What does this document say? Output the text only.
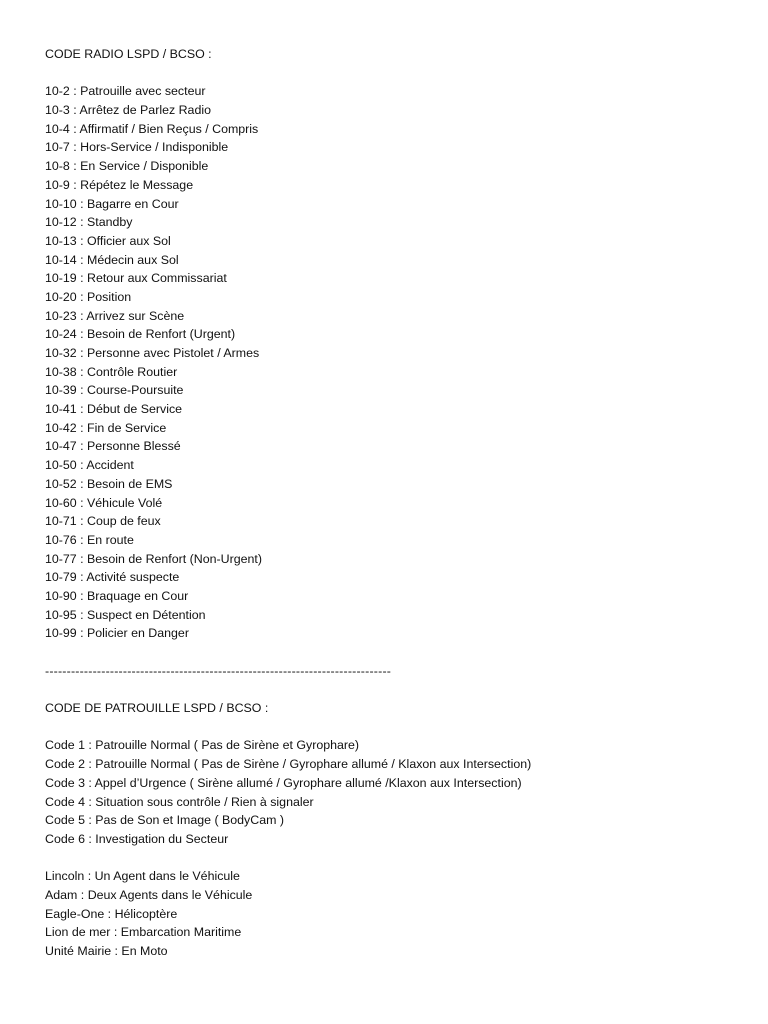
CODE RADIO LSPD / BCSO :
10-2 : Patrouille avec secteur
10-3 : Arrêtez de Parlez Radio
10-4 : Affirmatif / Bien Reçus / Compris
10-7 : Hors-Service / Indisponible
10-8 : En Service / Disponible
10-9 : Répétez le Message
10-10 : Bagarre en Cour
10-12 : Standby
10-13 : Officier aux Sol
10-14 : Médecin aux Sol
10-19 : Retour aux Commissariat
10-20 : Position
10-23 : Arrivez sur Scène
10-24 : Besoin de Renfort (Urgent)
10-32 : Personne avec Pistolet / Armes
10-38 : Contrôle Routier
10-39 : Course-Poursuite
10-41 : Début de Service
10-42 : Fin de Service
10-47 : Personne Blessé
10-50 : Accident
10-52 : Besoin de EMS
10-60 : Véhicule Volé
10-71 : Coup de feux
10-76 : En route
10-77 : Besoin de Renfort (Non-Urgent)
10-79 : Activité suspecte
10-90 : Braquage en Cour
10-95 : Suspect en Détention
10-99 : Policier en Danger
--------------------------------------------------------------------------------
CODE DE PATROUILLE LSPD / BCSO :
Code 1 : Patrouille Normal ( Pas de Sirène et Gyrophare)
Code 2 : Patrouille Normal ( Pas de Sirène / Gyrophare allumé / Klaxon aux Intersection)
Code 3 : Appel d’Urgence ( Sirène allumé / Gyrophare allumé /Klaxon aux Intersection)
Code 4 : Situation sous contrôle / Rien à signaler
Code 5 : Pas de Son et Image ( BodyCam )
Code 6 : Investigation du Secteur
Lincoln : Un Agent dans le Véhicule
Adam : Deux Agents dans le Véhicule
Eagle-One : Hélicoptère
Lion de mer : Embarcation Maritime
Unité Mairie : En Moto
